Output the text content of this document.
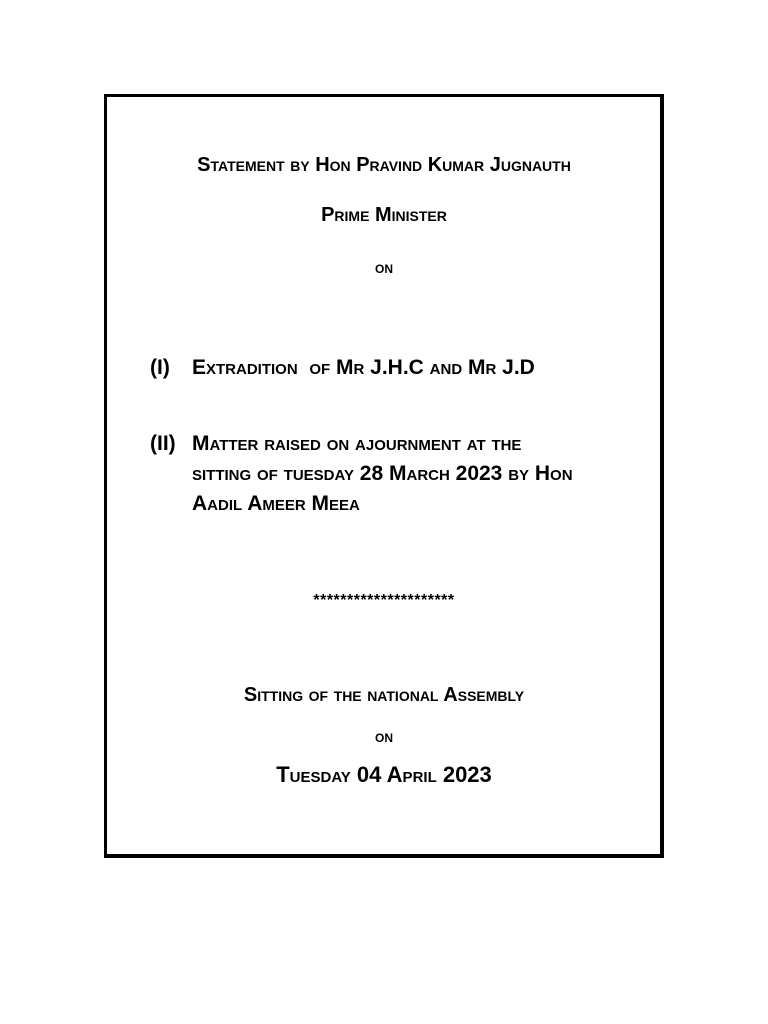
Statement by Hon Pravind Kumar Jugnauth
Prime Minister
on
(I) Extradition  of Mr J.H.C and Mr J.D
(II) Matter raised on ajournment at the
sitting of tuesday 28 March 2023 by Hon
Aadil Ameer Meea
*********************
Sitting of the national Assembly
on
Tuesday 04 April 2023
